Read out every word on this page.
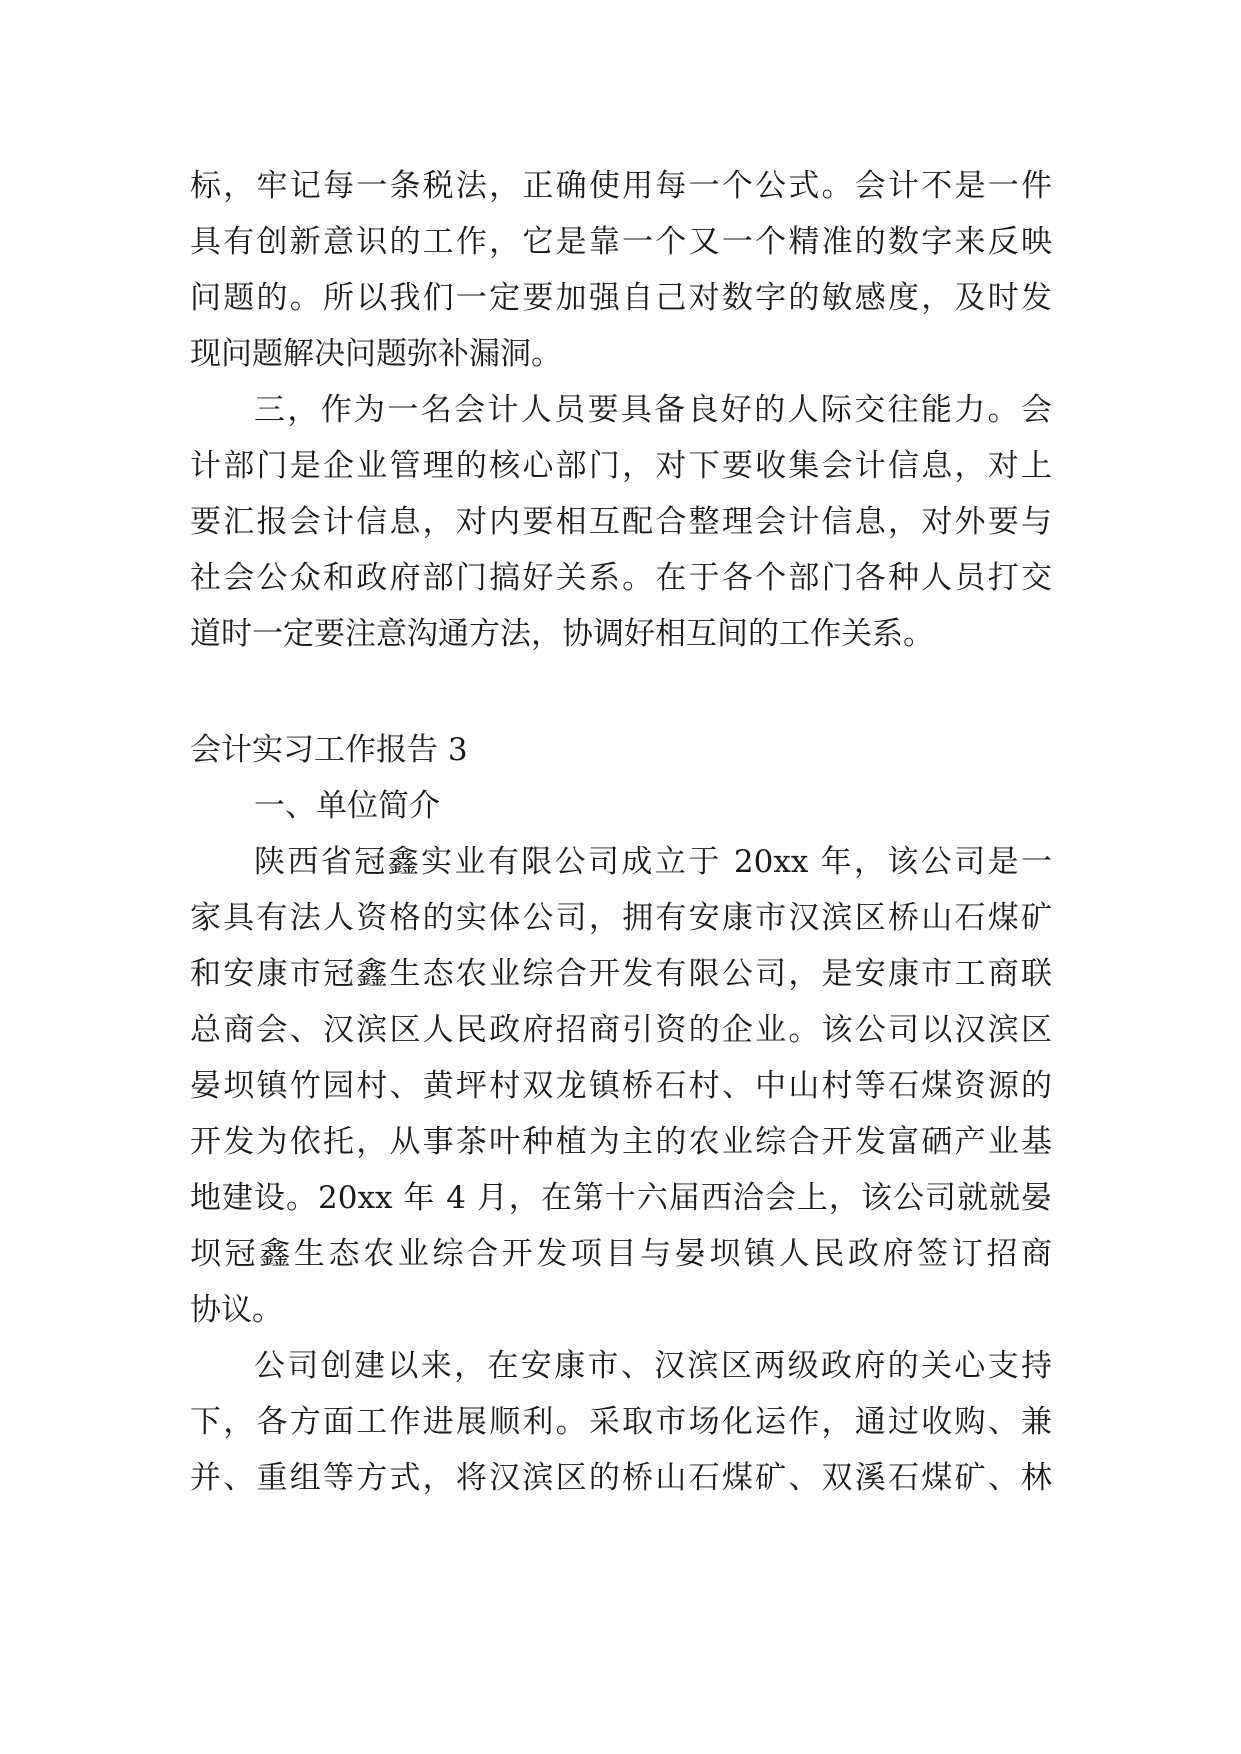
标，牢记每一条税法，正确使用每一个公式。会计不是一件
具有创新意识的工作，它是靠一个又一个精准的数字来反映
问题的。所以我们一定要加强自己对数字的敏感度，及时发
现问题解决问题弥补漏洞。
三，作为一名会计人员要具备良好的人际交往能力。会
计部门是企业管理的核心部门，对下要收集会计信息，对上
要汇报会计信息，对内要相互配合整理会计信息，对外要与
社会公众和政府部门搞好关系。在于各个部门各种人员打交
道时一定要注意沟通方法，协调好相互间的工作关系。
会计实习工作报告 3
一、单位简介
陕西省冠鑫实业有限公司成立于 20xx 年，该公司是一
家具有法人资格的实体公司，拥有安康市汉滨区桥山石煤矿
和安康市冠鑫生态农业综合开发有限公司，是安康市工商联
总商会、汉滨区人民政府招商引资的企业。该公司以汉滨区
晏坝镇竹园村、黄坪村双龙镇桥石村、中山村等石煤资源的
开发为依托，从事茶叶种植为主的农业综合开发富硒产业基
地建设。20xx 年 4 月，在第十六届西洽会上，该公司就就晏
坝冠鑫生态农业综合开发项目与晏坝镇人民政府签订招商
协议。
公司创建以来，在安康市、汉滨区两级政府的关心支持
下，各方面工作进展顺利。采取市场化运作，通过收购、兼
并、重组等方式，将汉滨区的桥山石煤矿、双溪石煤矿、林
